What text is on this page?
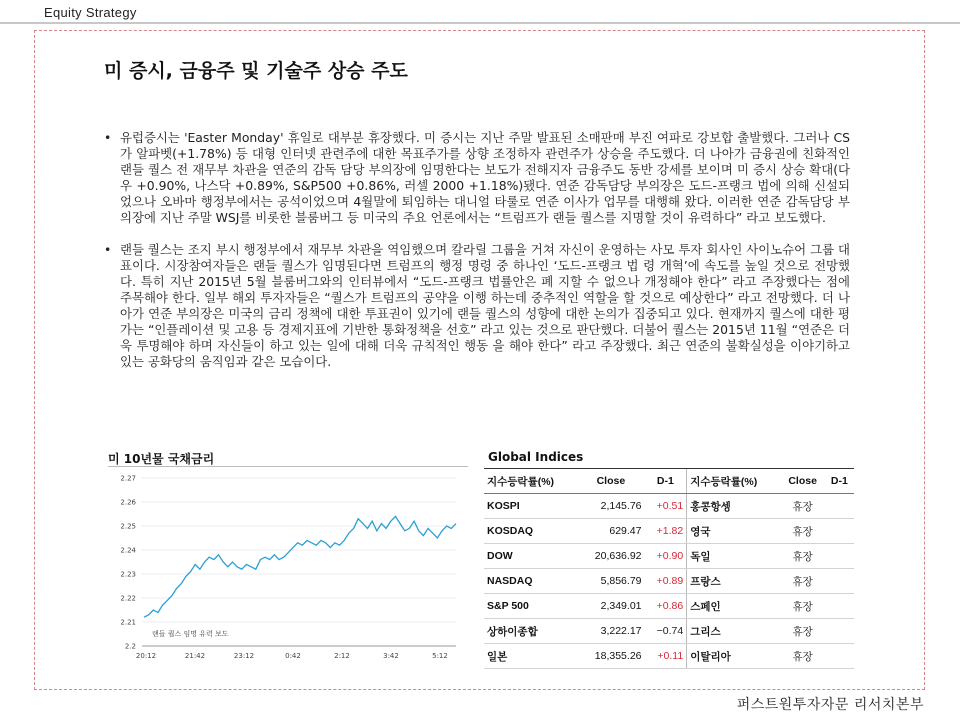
Equity Strategy
미 증시, 금융주 및 기술주 상승 주도
• 유럽증시는 'Easter Monday' 휴일로 대부분 휴장했다. 미 증시는 지난 주말 발표된 소매판매 부진 여파로 강보합 출발했다. 그러나 CS가 알파벳(+1.78%) 등 대형 인터넷 관련주에 대한 목표주가를 상향 조정하자 관련주가 상승을 주도했다. 더 나아가 금융권에 친화적인 랜들 퀄스 전 재무부 차관을 연준의 감독 담당 부의장에 임명한다는 보도가 전해지자 금융주도 동반 강세를 보이며 미 증시 상승 확대(다우 +0.90%, 나스닥 +0.89%, S&P500 +0.86%, 러셀 2000 +1.18%)됐다. 연준 감독담당 부의장은 도드-프랭크 법에 의해 신설되었으나 오바마 행정부에서는 공석이었으며 4월말에 퇴임하는 대니얼 타룰로 연준 이사가 업무를 대행해 왔다. 이러한 연준 감독담당 부의장에 지난 주말 WSJ를 비롯한 블룸버그 등 미국의 주요 언론에서는 “트럼프가 랜들 퀄스를 지명할 것이 유력하다” 라고 보도했다.
• 랜들 퀄스는 조지 부시 행정부에서 재무부 차관을 역임했으며 칼라릴 그룹을 거쳐 자신이 운영하는 사모 투자 회사인 사이노슈어 그룹 대표이다. 시장참여자들은 랜들 퀄스가 임명된다면 트럼프의 행정 명령 중 하나인 ‘도드-프랭크 법 령 개혁’에 속도를 높일 것으로 전망했다. 특히 지난 2015년 5월 블룸버그와의 인터뷰에서 “도드-프랭크 법률안은 폐 지할 수 없으나 개정해야 한다” 라고 주장했다는 점에 주목해야 한다. 일부 해외 투자자들은 “퀄스가 트럼프의 공약을 이행 하는데 중추적인 역할을 할 것으로 예상한다” 라고 전망했다. 더 나아가 연준 부의장은 미국의 금리 정책에 대한 투표권이 있기에 랜들 퀄스의 성향에 대한 논의가 집중되고 있다. 현재까지 퀄스에 대한 평가는 “인플레이션 및 고용 등 경제지표에 기반한 통화정책을 선호” 라고 있는 것으로 판단했다. 더불어 퀄스는 2015년 11월 “연준은 더욱 투명해야 하며 자신들이 하고 있는 일에 대해 더욱 규칙적인 행동 을 해야 한다” 라고 주장했다. 최근 연준의 불확실성을 이야기하고 있는 공화당의 움직임과 같은 모습이다.
미 10년물 국채금리
2.27
2.26
2.25
2.24
2.23
2.22
2.21
2.2
20:12	21:42	23:12	0:42	2:12	3:42	5:12
랜들 퀄스 임명 유력 보도
Global Indices
지수등락률(%)	Close	D-1	지수등락률(%)	Close	D-1
KOSPI	2,145.76	+0.51	홍콩항셍	휴장	
KOSDAQ	629.47	+1.82	영국	휴장	
DOW	20,636.92	+0.90	독일	휴장	
NASDAQ	5,856.79	+0.89	프랑스	휴장	
S&P 500	2,349.01	+0.86	스페인	휴장	
상하이종합	3,222.17	−0.74	그리스	휴장	
일본	18,355.26	+0.11	이탈리아	휴장	
퍼스트원투자자문 리서치본부
